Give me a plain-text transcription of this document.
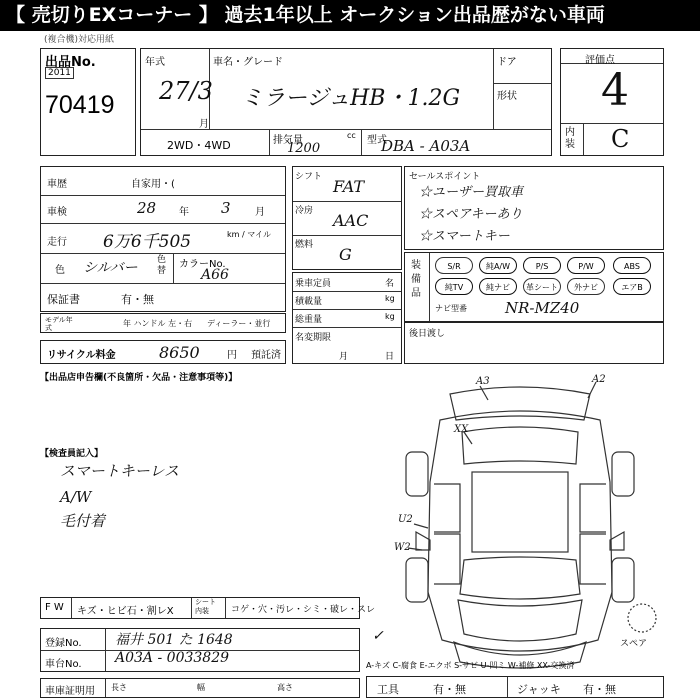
【 売切りEXコーナー 】 過去1年以上 オークション出品歴がない車両
(複合機)対応用紙
出品No.
2011
70419
年式
27/3
月
車名・グレード
ミラージュHB・1.2G
ドア
形状
2WD・4WD	排気量	cc
1200
型式
DBA - A03A
評価点
4
内装 C
車歴	自家用・(
車検	28 年 3 月
走行 6万6千505	km / マイル
色 シルバー 色替
カラーNo.
A66
保証書	有・無
モデル年式	年 ハンドル 左・右 ディーラー・並行
リサイクル料金	8650	円 預託済
シフト FAT
冷房 AAC
燃料 G
乗車定員	名
積載量	kg
総重量	kg
名変期限
月	日
セールスポイント
☆ユーザー買取車
☆スペアキーあり
☆スマートキー
装備品
S/R	純A/W	P/S	P/W	ABS
純TV	純ナビ	革シート	外ナビ	エアB
ナビ型番	NR-MZ40
後日渡し
【出品店申告欄(不良箇所・欠品・注意事項等)】
【検査員記入】
スマートキーレス
A/W
毛付着
F W キズ・ヒビ石・割レX
シート内装	コゲ・穴・汚レ・シミ・破レ・スレ
登録No. 福井 501 た 1648
車台No. A03A - 0033829
車庫証明用 長さ	幅	高さ	工具	有・無	ジャッキ 有・無
A3	A2
XX
U2
W2
スペア
A-キズ C-腐食 E-エクボ S-サビ U-凹ミ W-補修 XX-交換済
✓
